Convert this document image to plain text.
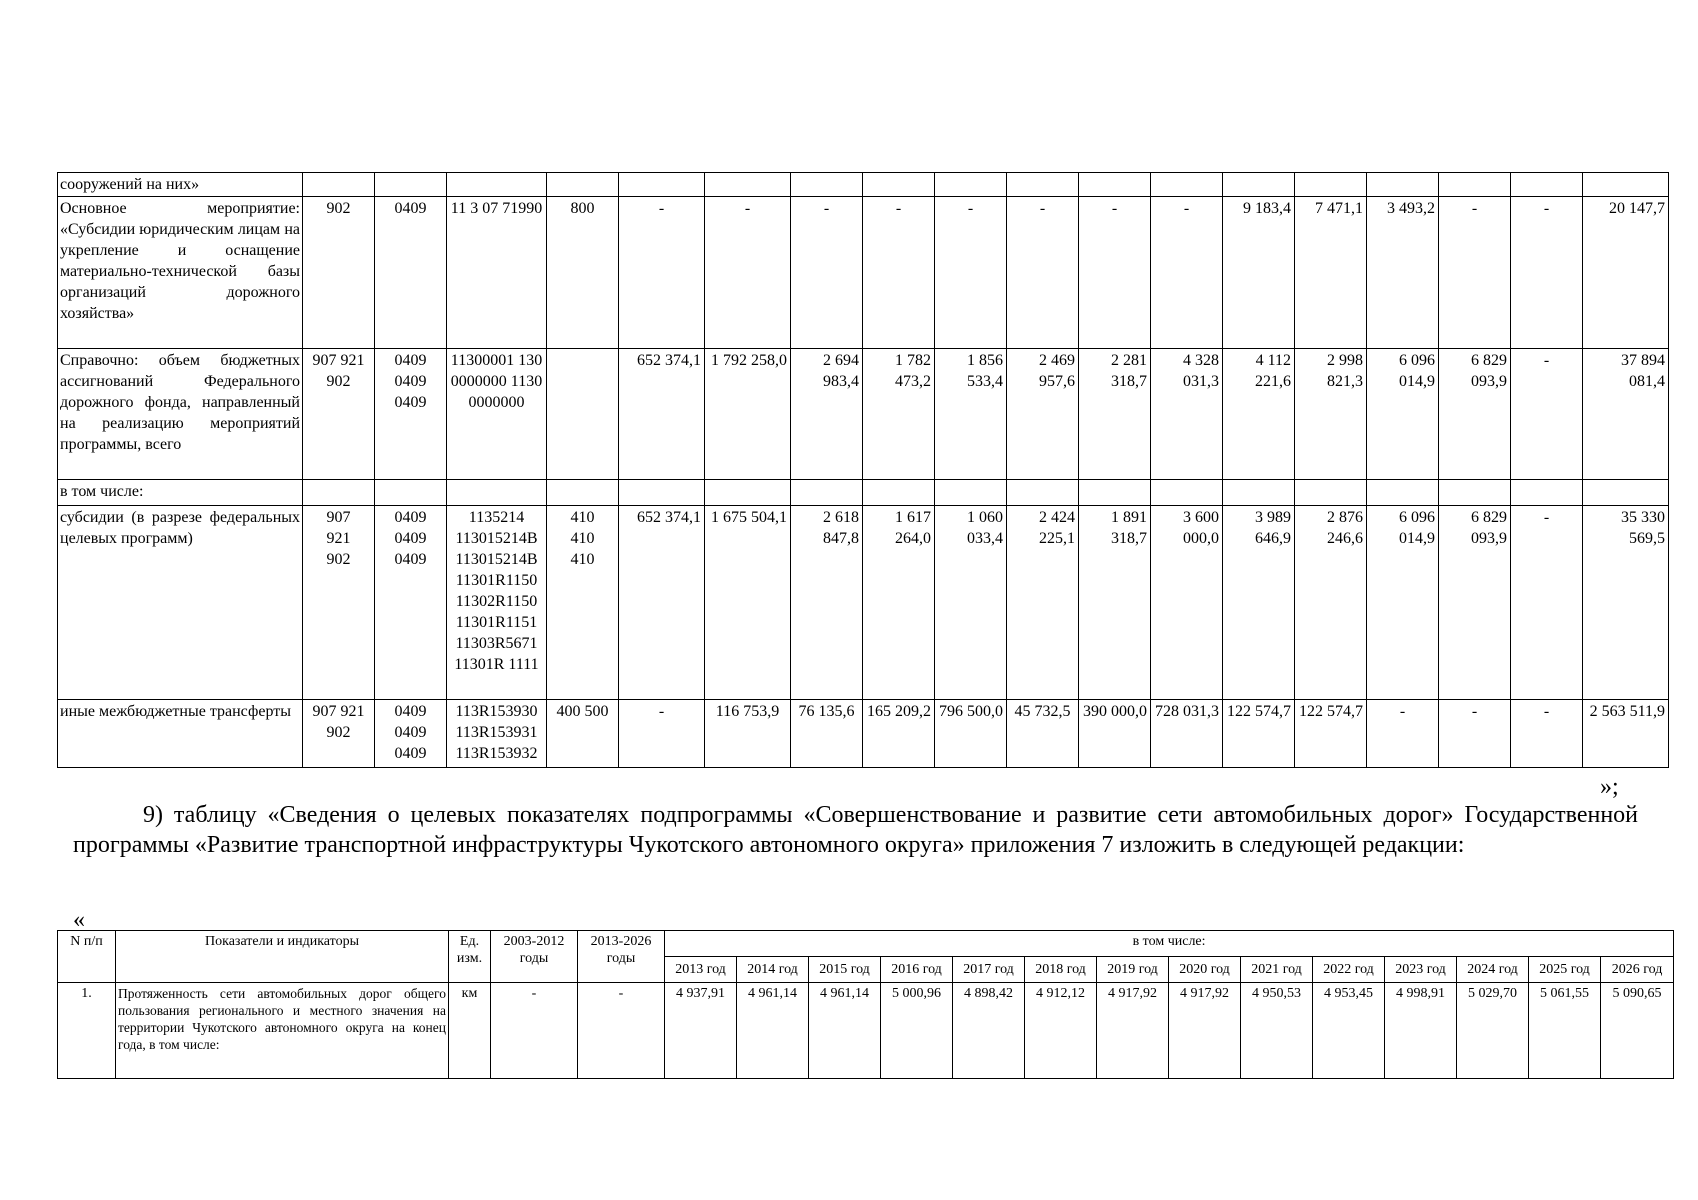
сооружений на них»																		
Основное мероприятие: «Субсидии юридическим лицам на укрепление и оснащение материально-технической базы организаций дорожного хозяйства»	902	0409	11 3 07 71990	800	-	-	-	-	-	-	-	-	9 183,4	7 471,1	3 493,2	-	-	20 147,7
Справочно: объем бюджетных ассигнований Федерального дорожного фонда, направленный на реализацию мероприятий программы, всего	907 921 902	0409 0409 0409	11300001 1300000000 11300000000		652 374,1	1 792 258,0	2 694 983,4	1 782 473,2	1 856 533,4	2 469 957,6	2 281 318,7	4 328 031,3	4 112 221,6	2 998 821,3	6 096 014,9	6 829 093,9	-	37 894 081,4
в том числе:																		
субсидии (в разрезе федеральных целевых программ)	907 921 902	0409 0409 0409	1135214 113015214В 113015214В 11301R1150 11302R1150 11301R1151 11303R5671 11301R 1111	410 410 410	652 374,1	1 675 504,1	2 618 847,8	1 617 264,0	1 060 033,4	2 424 225,1	1 891 318,7	3 600 000,0	3 989 646,9	2 876 246,6	6 096 014,9	6 829 093,9	-	35 330 569,5
иные межбюджетные трансферты	907 921 902	0409 0409 0409	113R153930 113R153931 113R153932	400 500	-	116 753,9	76 135,6	165 209,2	796 500,0	45 732,5	390 000,0	728 031,3	122 574,7	122 574,7	-	-	-	2 563 511,9
»;

9) таблицу «Сведения о целевых показателях подпрограммы «Совершенствование и развитие сети автомобильных дорог» Государственной программы «Развитие транспортной инфраструктуры Чукотского автономного округа» приложения 7 изложить в следующей редакции:

«
N п/п	Показатели и индикаторы	Ед. изм.	2003-2012 годы	2013-2026 годы	в том числе:													
					2013 год	2014 год	2015 год	2016 год	2017 год	2018 год	2019 год	2020 год	2021 год	2022 год	2023 год	2024 год	2025 год	2026 год
1.	Протяженность сети автомобильных дорог общего пользования регионального и местного значения на территории Чукотского автономного округа на конец года, в том числе:	км	-	-	4 937,91	4 961,14	4 961,14	5 000,96	4 898,42	4 912,12	4 917,92	4 917,92	4 950,53	4 953,45	4 998,91	5 029,70	5 061,55	5 090,65
